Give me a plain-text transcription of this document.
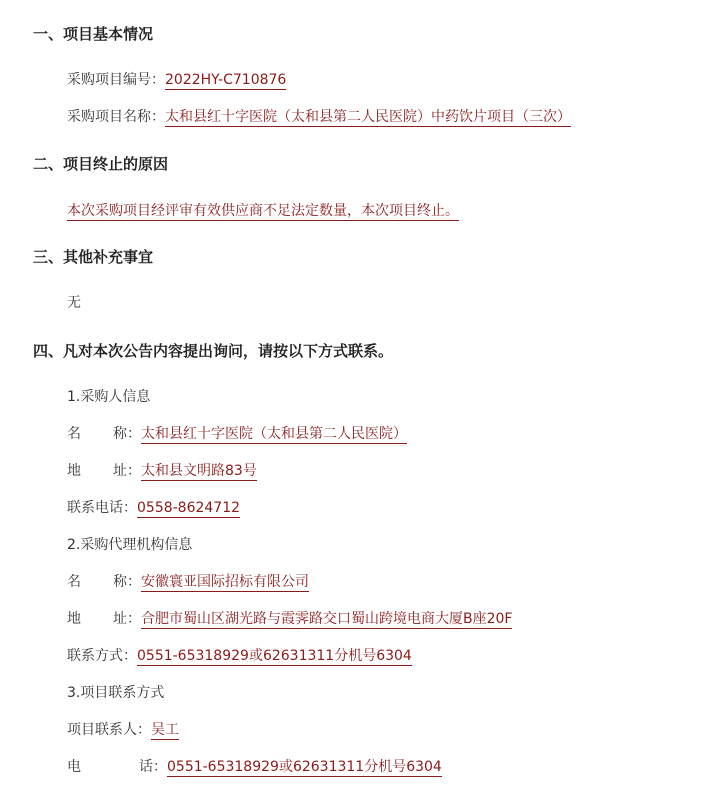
一、项目基本情况
采购项目编号：2022HY-C710876
采购项目名称：太和县红十字医院（太和县第二人民医院）中药饮片项目（三次）
二、项目终止的原因
本次采购项目经评审有效供应商不足法定数量，本次项目终止。
三、其他补充事宜
无
四、凡对本次公告内容提出询问，请按以下方式联系。
1.采购人信息
名 称：太和县红十字医院（太和县第二人民医院）
地 址：太和县文明路83号
联系电话：0558-8624712
2.采购代理机构信息
名 称：安徽寰亚国际招标有限公司
地 址：合肥市蜀山区湖光路与霞霁路交口蜀山跨境电商大厦B座20F
联系方式：0551-65318929或62631311分机号6304
3.项目联系方式
项目联系人：吴工
电	话：0551-65318929或62631311分机号6304
